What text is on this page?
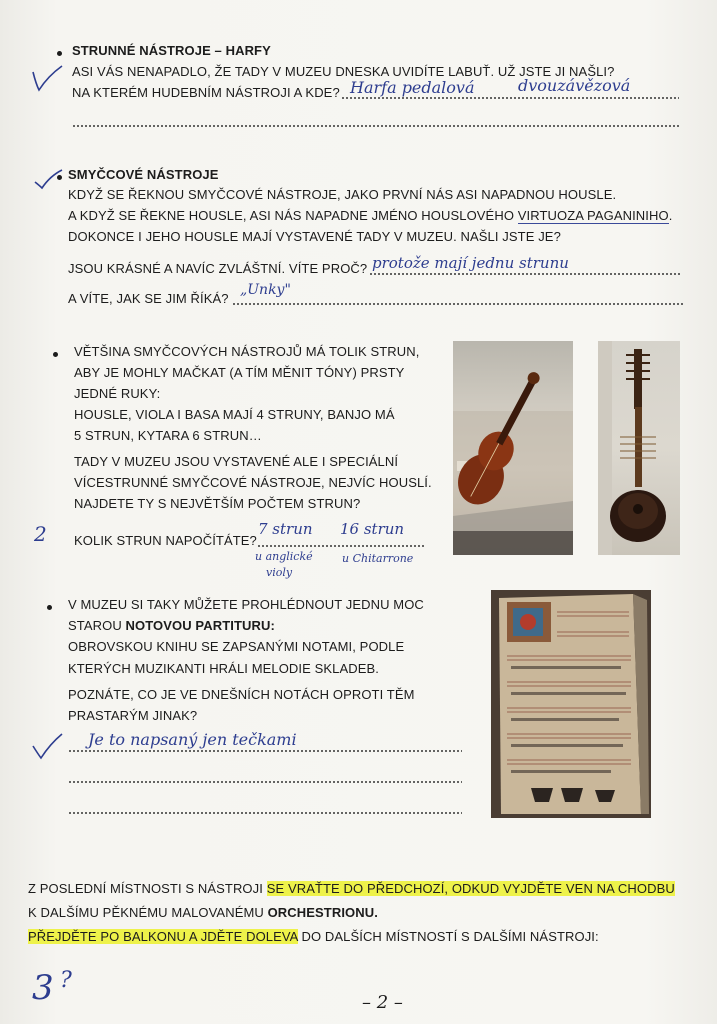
2
3 ?
STRUNNÉ NÁSTROJE – HARFY
ASI VÁS NENAPADLO, ŽE TADY V MUZEU DNESKA UVIDÍTE LABUŤ. UŽ JSTE JI NAŠLI?
NA KTERÉM HUDEBNÍM NÁSTROJI A KDE? Harfa pedalová	dvouzávězová
SMYČCOVÉ NÁSTROJE
KDYŽ SE ŘEKNOU SMYČCOVÉ NÁSTROJE, JAKO PRVNÍ NÁS ASI NAPADNOU HOUSLE.
A KDYŽ SE ŘEKNE HOUSLE, ASI NÁS NAPADNE JMÉNO HOUSLOVÉHO VIRTUOZA PAGANINIHO.
DOKONCE I JEHO HOUSLE MAJÍ VYSTAVENÉ TADY V MUZEU. NAŠLI JSTE JE?
JSOU KRÁSNÉ A NAVÍC ZVLÁŠTNÍ. VÍTE PROČ? protože mají jednu strunu
A VÍTE, JAK SE JIM ŘÍKÁ?
„Unky"
VĚTŠINA SMYČCOVÝCH NÁSTROJŮ MÁ TOLIK STRUN,
ABY JE MOHLY MAČKAT (A TÍM MĚNIT TÓNY) PRSTY
JEDNÉ RUKY:
HOUSLE, VIOLA I BASA MAJÍ 4 STRUNY, BANJO MÁ
5 STRUN, KYTARA 6 STRUN…
TADY V MUZEU JSOU VYSTAVENÉ ALE I SPECIÁLNÍ
VÍCESTRUNNÉ SMYČCOVÉ NÁSTROJE, NEJVÍC HOUSLÍ.
NAJDETE TY S NEJVĚTŠÍM POČTEM STRUN?
KOLIK STRUN NAPOČÍTÁTE?
7 strun 16 strun
u anglické
violy
u Chitarrone
V MUZEU SI TAKY MŮŽETE PROHLÉDNOUT JEDNU MOC
STAROU NOTOVOU PARTITURU:
OBROVSKOU KNIHU SE ZAPSANÝMI NOTAMI, PODLE
KTERÝCH MUZIKANTI HRÁLI MELODIE SKLADEB.
POZNÁTE, CO JE VE DNEŠNÍCH NOTÁCH OPROTI TĚM
PRASTARÝM JINAK?
Je to napsaný jen tečkami
Z POSLEDNÍ MÍSTNOSTI S NÁSTROJI SE VRAŤTE DO PŘEDCHOZÍ, ODKUD VYJDĚTE VEN NA CHODBU
K DALŠÍMU PĚKNÉMU MALOVANÉMU ORCHESTRIONU.
PŘEJDĚTE PO BALKONU A JDĚTE DOLEVA DO DALŠÍCH MÍSTNOSTÍ S DALŠÍMI NÁSTROJI:
– 2 –
